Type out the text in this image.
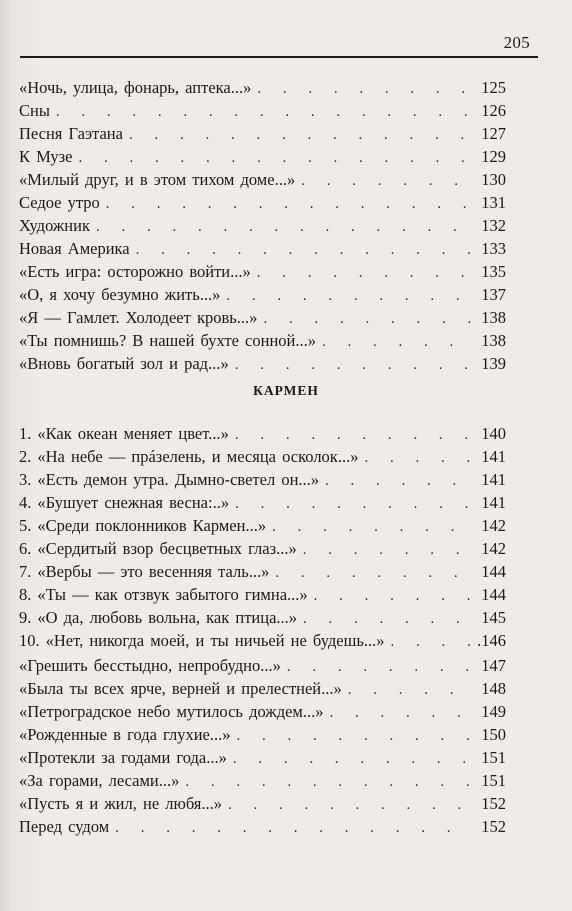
205
«Ночь, улица, фонарь, аптека...» . . .	125
Сны . . .	126
Песня Гаэтана . . .	127
К Музе . . .	129
«Милый друг, и в этом тихом доме...» . . .	130
Седое утро . . .	131
Художник . . .	132
Новая Америка . . .	133
«Есть игра: осторожно войти...» . . .	135
«О, я хочу безумно жить...» . . .	137
«Я — Гамлет. Холодеет кровь...» . . .	138
«Ты помнишь? В нашей бухте сонной...» . . .	138
«Вновь богатый зол и рад...» . . .	139
КАРМЕН
1. «Как океан меняет цвет...» . . .	140
2. «На небе — прáзелень, и месяца осколок...» . . .	141
3. «Есть демон утра. Дымно-светел он...» . . .	141
4. «Бушует снежная весна:..» . . .	141
5. «Среди поклонников Кармен...» . . .	142
6. «Сердитый взор бесцветных глаз...» . . .	142
7. «Вербы — это весенняя таль...» . . .	144
8. «Ты — как отзвук забытого гимна...» . . .	144
9. «О да, любовь вольна, как птица...» . . .	145
10. «Нет, никогда моей, и ты ничьей не будешь...» . . .	.146
«Грешить бесстыдно, непробудно...» . . .	147
«Была ты всех ярче, верней и прелестней...» . . .	148
«Петроградское небо мутилось дождем...» . . .	149
«Рожденные в года глухие...» . . .	150
«Протекли за годами года...» . . .	151
«За горами, лесами...» . . .	151
«Пусть я и жил, не любя...» . . .	152
Перед судом . . .	152
